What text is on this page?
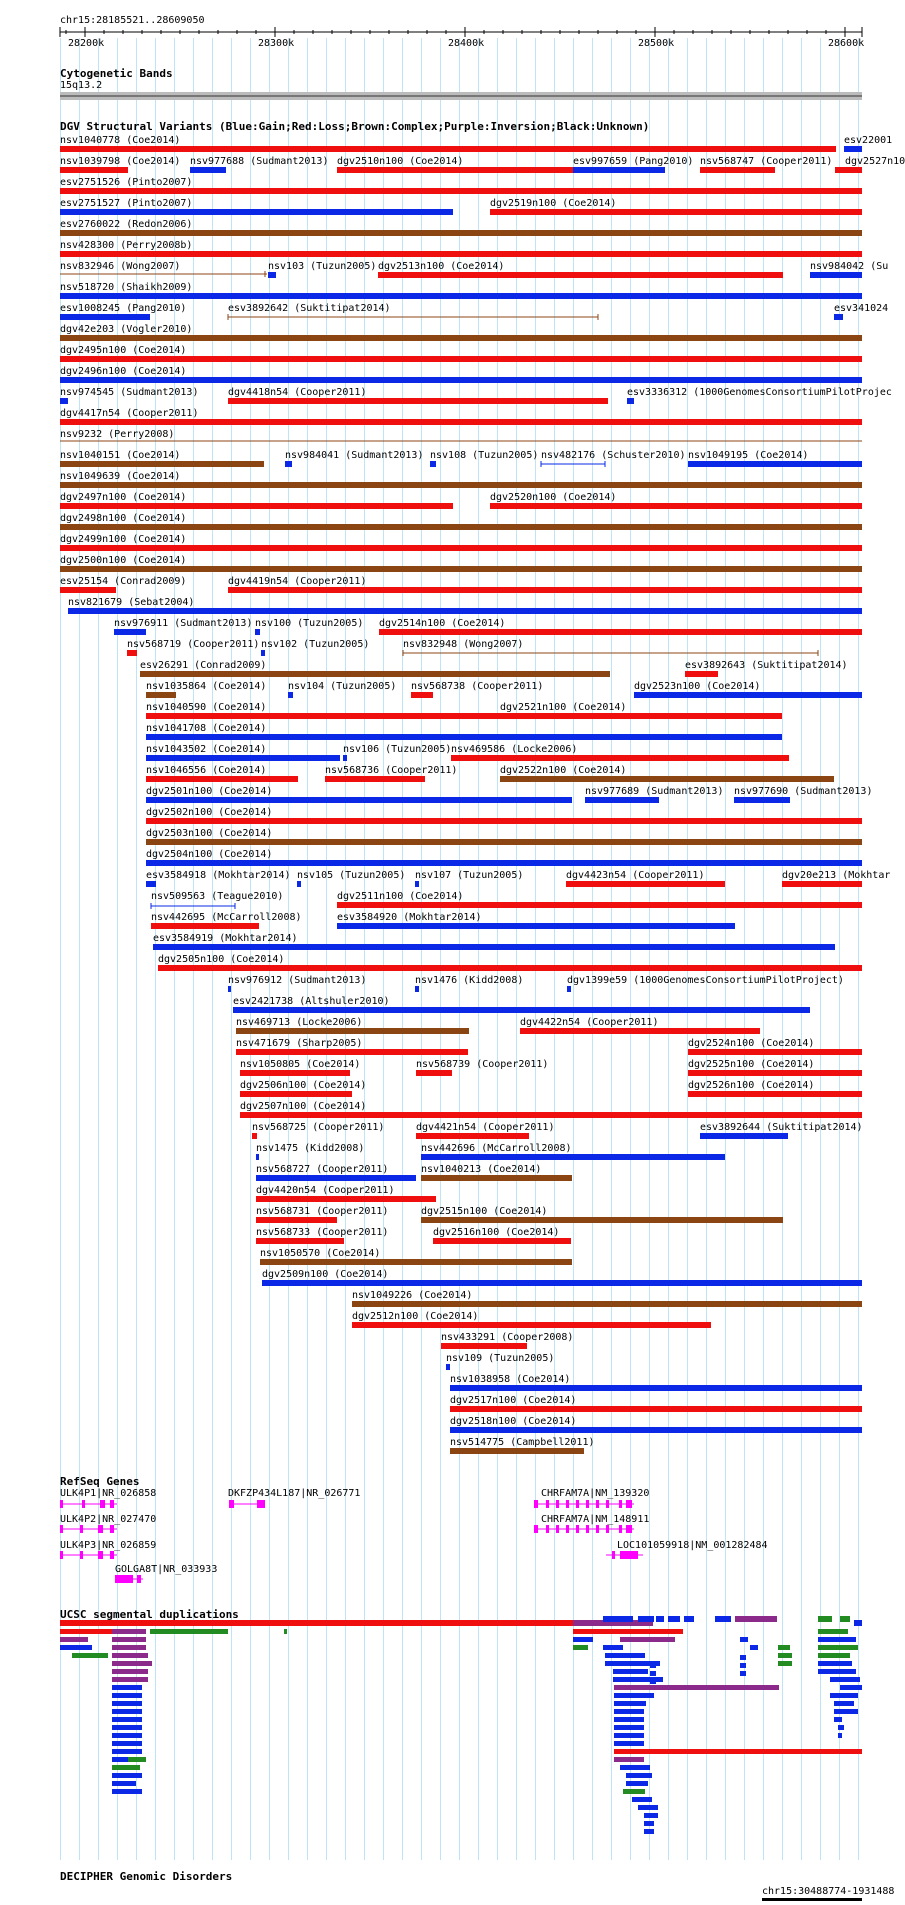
chr15:28185521..28609050
Cytogenetic Bands
15q13.2
DGV Structural Variants (Blue:Gain;Red:Loss;Brown:Complex;Purple:Inversion;Black:Unknown)
RefSeq Genes
UCSC segmental duplications
DECIPHER Genomic Disorders
chr15:30488774-1931488
28200k	28300k	28400k	28500k	28600k
nsv1040778 (Coe2014)	esv22001
nsv1039798 (Coe2014) nsv977688 (Sudmant2013) dgv2510n100 (Coe2014)	esv997659 (Pang2010) nsv568747 (Cooper2011) dgv2527n10
esv2751526 (Pinto2007)
esv2751527 (Pinto2007)	dgv2519n100 (Coe2014)
esv2760022 (Redon2006)
nsv428300 (Perry2008b)
nsv832946 (Wong2007)	nsv103 (Tuzun2005) dgv2513n100 (Coe2014)	nsv984042 (Su
nsv518720 (Shaikh2009)
esv1008245 (Pang2010)	esv3892642 (Suktitipat2014)	esv341024
dgv42e203 (Vogler2010)
dgv2495n100 (Coe2014)
dgv2496n100 (Coe2014)
nsv974545 (Sudmant2013)	dgv4418n54 (Cooper2011)	esv3336312 (1000GenomesConsortiumPilotProjec
dgv4417n54 (Cooper2011)
nsv9232 (Perry2008)
nsv1040151 (Coe2014)	nsv984041 (Sudmant2013) nsv108 (Tuzun2005) nsv482176 (Schuster2010) nsv1049195 (Coe2014)
nsv1049639 (Coe2014)
dgv2497n100 (Coe2014)	dgv2520n100 (Coe2014)
dgv2498n100 (Coe2014)
dgv2499n100 (Coe2014)
dgv2500n100 (Coe2014)
esv25154 (Conrad2009)	dgv4419n54 (Cooper2011)
nsv821679 (Sebat2004)
nsv976911 (Sudmant2013) nsv100 (Tuzun2005) dgv2514n100 (Coe2014)
nsv568719 (Cooper2011) nsv102 (Tuzun2005)	nsv832948 (Wong2007)
esv26291 (Conrad2009)	esv3892643 (Suktitipat2014)
nsv1035864 (Coe2014) nsv104 (Tuzun2005) nsv568738 (Cooper2011)	dgv2523n100 (Coe2014)
nsv1040590 (Coe2014)	dgv2521n100 (Coe2014)
nsv1041708 (Coe2014)
nsv1043502 (Coe2014)	nsv106 (Tuzun2005) nsv469586 (Locke2006)
nsv1046556 (Coe2014)	nsv568736 (Cooper2011)	dgv2522n100 (Coe2014)
dgv2501n100 (Coe2014)	nsv977689 (Sudmant2013) nsv977690 (Sudmant2013)
dgv2502n100 (Coe2014)
dgv2503n100 (Coe2014)
dgv2504n100 (Coe2014)
esv3584918 (Mokhtar2014) nsv105 (Tuzun2005) nsv107 (Tuzun2005)	dgv4423n54 (Cooper2011)	dgv20e213 (Mokhtar
nsv509563 (Teague2010)	dgv2511n100 (Coe2014)
nsv442695 (McCarroll2008)	esv3584920 (Mokhtar2014)
esv3584919 (Mokhtar2014)
dgv2505n100 (Coe2014)
nsv976912 (Sudmant2013)	nsv1476 (Kidd2008)	dgv1399e59 (1000GenomesConsortiumPilotProject)
esv2421738 (Altshuler2010)
nsv469713 (Locke2006)	dgv4422n54 (Cooper2011)
nsv471679 (Sharp2005)	dgv2524n100 (Coe2014)
nsv1050805 (Coe2014)	nsv568739 (Cooper2011)	dgv2525n100 (Coe2014)
dgv2506n100 (Coe2014)	dgv2526n100 (Coe2014)
dgv2507n100 (Coe2014)
nsv568725 (Cooper2011)	dgv4421n54 (Cooper2011)	esv3892644 (Suktitipat2014)
nsv1475 (Kidd2008)	nsv442696 (McCarroll2008)
nsv568727 (Cooper2011)	nsv1040213 (Coe2014)
dgv4420n54 (Cooper2011)
nsv568731 (Cooper2011)	dgv2515n100 (Coe2014)
nsv568733 (Cooper2011)	dgv2516n100 (Coe2014)
nsv1050570 (Coe2014)
dgv2509n100 (Coe2014)
nsv1049226 (Coe2014)
dgv2512n100 (Coe2014)
nsv433291 (Cooper2008)
nsv109 (Tuzun2005)
nsv1038958 (Coe2014)
dgv2517n100 (Coe2014)
dgv2518n100 (Coe2014)
nsv514775 (Campbell2011)
ULK4P1|NR_026858	DKFZP434L187|NR_026771	CHRFAM7A|NM_139320
ULK4P2|NR_027470	CHRFAM7A|NM_148911
ULK4P3|NR_026859	LOC101059918|NM_001282484
GOLGA8T|NR_033933
